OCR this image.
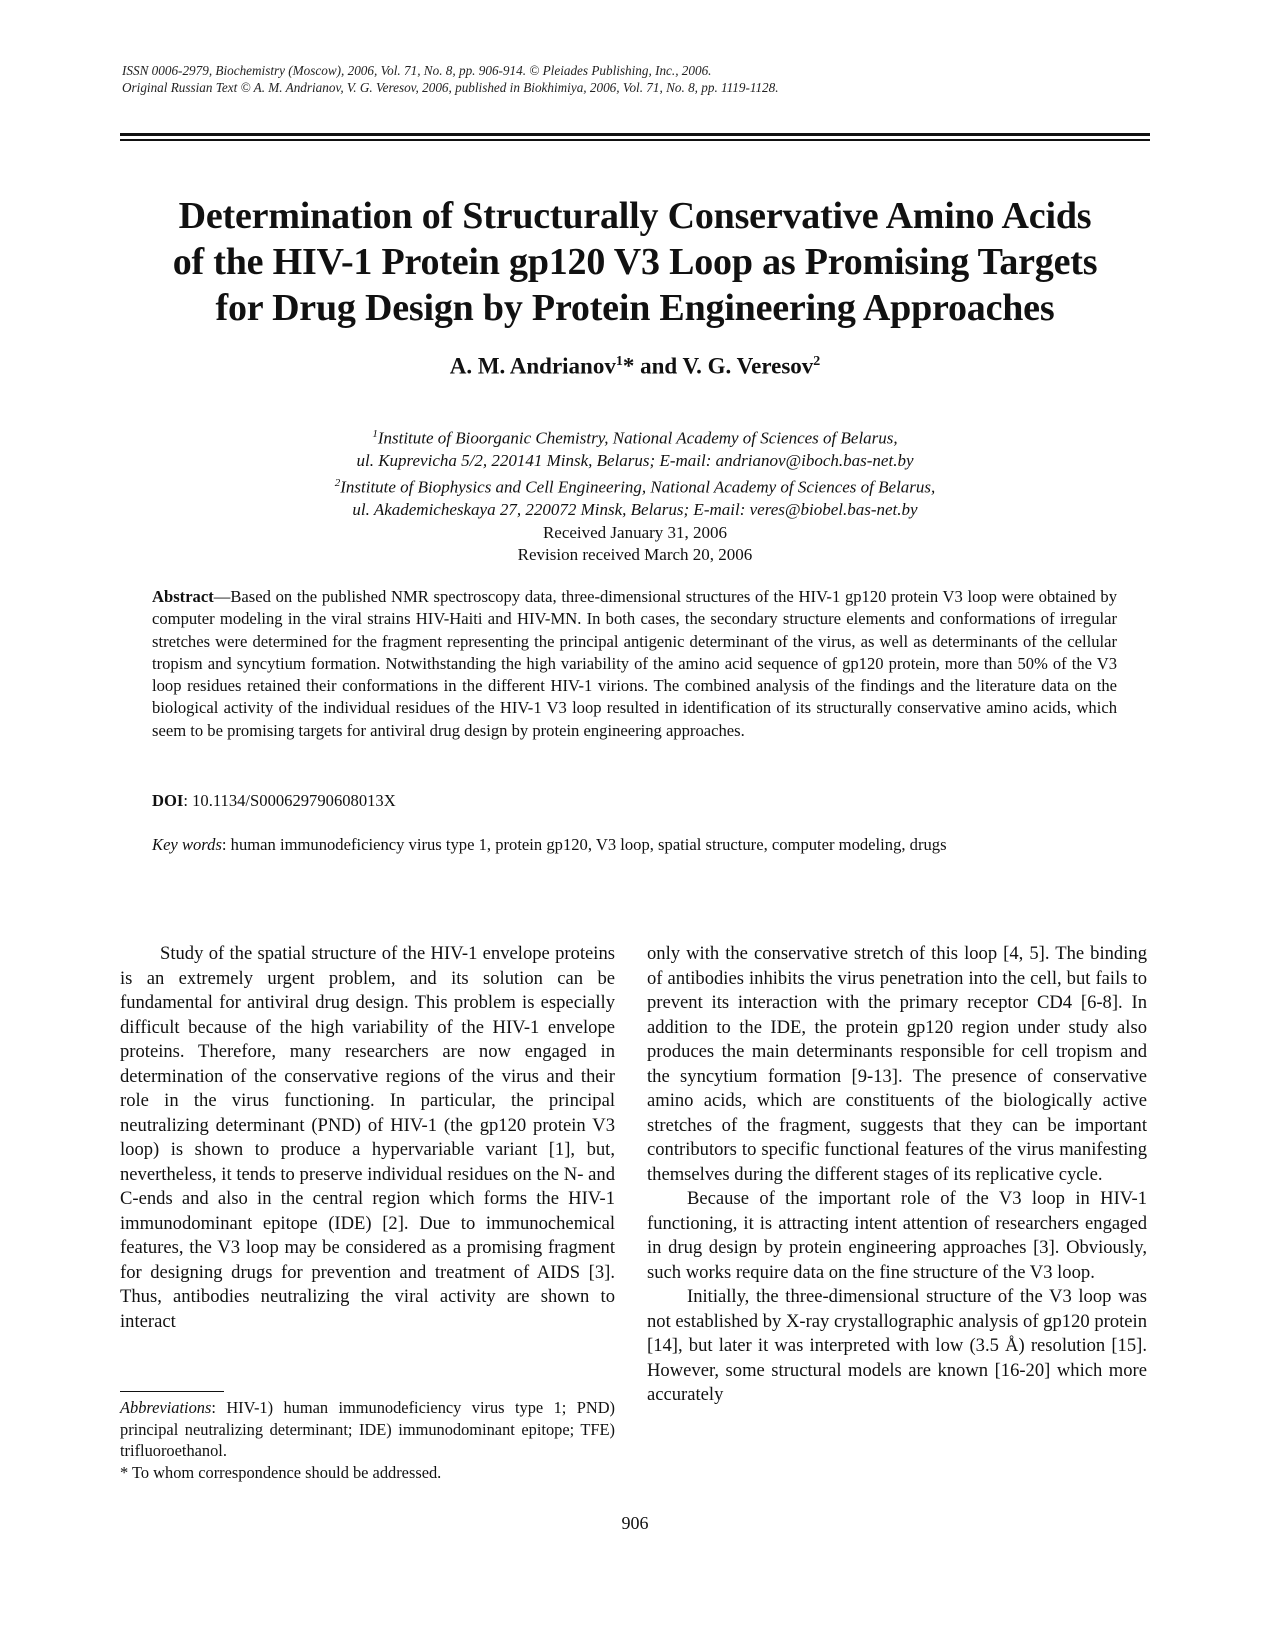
ISSN 0006-2979, Biochemistry (Moscow), 2006, Vol. 71, No. 8, pp. 906-914. © Pleiades Publishing, Inc., 2006.
Original Russian Text © A. M. Andrianov, V. G. Veresov, 2006, published in Biokhimiya, 2006, Vol. 71, No. 8, pp. 1119-1128.
Determination of Structurally Conservative Amino Acids
of the HIV-1 Protein gp120 V3 Loop as Promising Targets
for Drug Design by Protein Engineering Approaches
A. M. Andrianov$^1$* and V. G. Veresov$^2$
$^1$Institute of Bioorganic Chemistry, National Academy of Sciences of Belarus,
ul. Kuprevicha 5/2, 220141 Minsk, Belarus; E-mail: andrianov@iboch.bas-net.by
$^2$Institute of Biophysics and Cell Engineering, National Academy of Sciences of Belarus,
ul. Akademicheskaya 27, 220072 Minsk, Belarus; E-mail: veres@biobel.bas-net.by
Received January 31, 2006
Revision received March 20, 2006
Abstract—Based on the published NMR spectroscopy data, three-dimensional structures of the HIV-1 gp120 protein V3 loop were obtained by computer modeling in the viral strains HIV-Haiti and HIV-MN. In both cases, the secondary structure elements and conformations of irregular stretches were determined for the fragment representing the principal antigenic determinant of the virus, as well as determinants of the cellular tropism and syncytium formation. Notwithstanding the high variability of the amino acid sequence of gp120 protein, more than 50% of the V3 loop residues retained their conformations in the different HIV-1 virions. The combined analysis of the findings and the literature data on the biological activity of the individual residues of the HIV-1 V3 loop resulted in identification of its structurally conservative amino acids, which seem to be promising targets for antiviral drug design by protein engineering approaches.
DOI: 10.1134/S000629790608013X
Key words: human immunodeficiency virus type 1, protein gp120, V3 loop, spatial structure, computer modeling, drugs

Study of the spatial structure of the HIV-1 envelope proteins is an extremely urgent problem, and its solution can be fundamental for antiviral drug design. This problem is especially difficult because of the high variability of the HIV-1 envelope proteins. Therefore, many researchers are now engaged in determination of the conservative regions of the virus and their role in the virus functioning. In particular, the principal neutralizing determinant (PND) of HIV-1 (the gp120 protein V3 loop) is shown to produce a hypervariable variant [1], but, nevertheless, it tends to preserve individual residues on the N- and C-ends and also in the central region which forms the HIV-1 immunodominant epitope (IDE) [2]. Due to immunochemical features, the V3 loop may be considered as a promising fragment for designing drugs for prevention and treatment of AIDS [3]. Thus, antibodies neutralizing the viral activity are shown to interact

only with the conservative stretch of this loop [4, 5]. The binding of antibodies inhibits the virus penetration into the cell, but fails to prevent its interaction with the primary receptor CD4 [6-8]. In addition to the IDE, the protein gp120 region under study also produces the main determinants responsible for cell tropism and the syncytium formation [9-13]. The presence of conservative amino acids, which are constituents of the biologically active stretches of the fragment, suggests that they can be important contributors to specific functional features of the virus manifesting themselves during the different stages of its replicative cycle.

Because of the important role of the V3 loop in HIV-1 functioning, it is attracting intent attention of researchers engaged in drug design by protein engineering approaches [3]. Obviously, such works require data on the fine structure of the V3 loop.

Initially, the three-dimensional structure of the V3 loop was not established by X-ray crystallographic analysis of gp120 protein [14], but later it was interpreted with low (3.5 Å) resolution [15]. However, some structural models are known [16-20] which more accurately

Abbreviations: HIV-1) human immunodeficiency virus type 1; PND) principal neutralizing determinant; IDE) immunodominant epitope; TFE) trifluoroethanol.

* To whom correspondence should be addressed.

906
